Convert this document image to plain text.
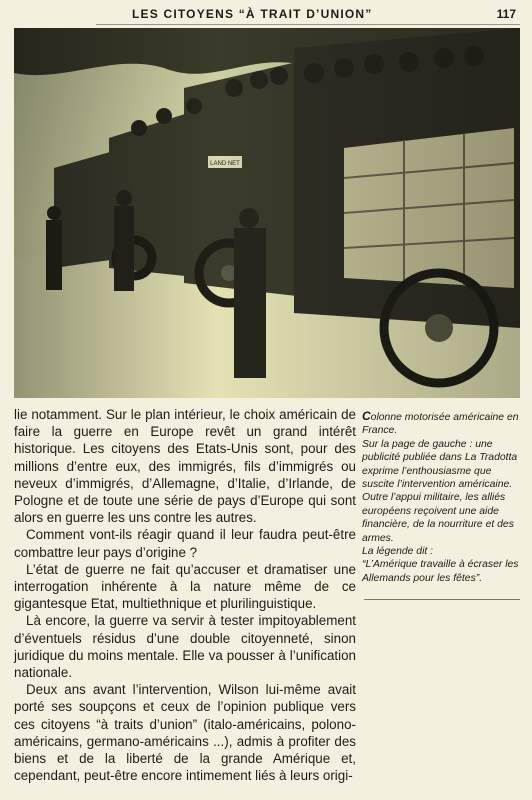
LES CITOYENS “À TRAIT D’UNION”	117

lie notamment. Sur le plan intérieur, le choix américain de faire la guerre en Europe revêt un grand intérêt historique. Les citoyens des Etats-Unis sont, pour des millions d’entre eux, des immigrés, fils d’immigrés ou neveux d’immigrés, d’Allemagne, d’Italie, d’Irlande, de Pologne et de toute une série de pays d’Europe qui sont alors en guerre les uns contre les autres.

Comment vont-ils réagir quand il leur faudra peut-être combattre leur pays d’origine ?

L’état de guerre ne fait qu’accuser et dramatiser une interrogation inhérente à la nature même de ce gigantesque Etat, multiethnique et plurilinguistique.

Là encore, la guerre va servir à tester impitoyablement d’éventuels résidus d’une double citoyenneté, sinon juridique du moins mentale. Elle va pousser à l’unification nationale.

Deux ans avant l’intervention, Wilson lui-même avait porté ses soupçons et ceux de l’opinion publique vers ces citoyens “à traits d’union” (italo-américains, polono-américains, germano-américains ...), admis à profiter des biens et de la liberté de la grande Amérique et, cependant, peut-être encore intimement liés à leurs origi-

Colonne motorisée américaine en France.

Sur la page de gauche : une publicité publiée dans La Tradotta exprime l’enthousiasme que suscite l’intervention américaine. Outre l’appui militaire, les alliés européens reçoivent une aide financière, de la nourriture et des armes.

La légende dit :

“L’Amérique travaille à écraser les Allemands pour les fêtes”.
